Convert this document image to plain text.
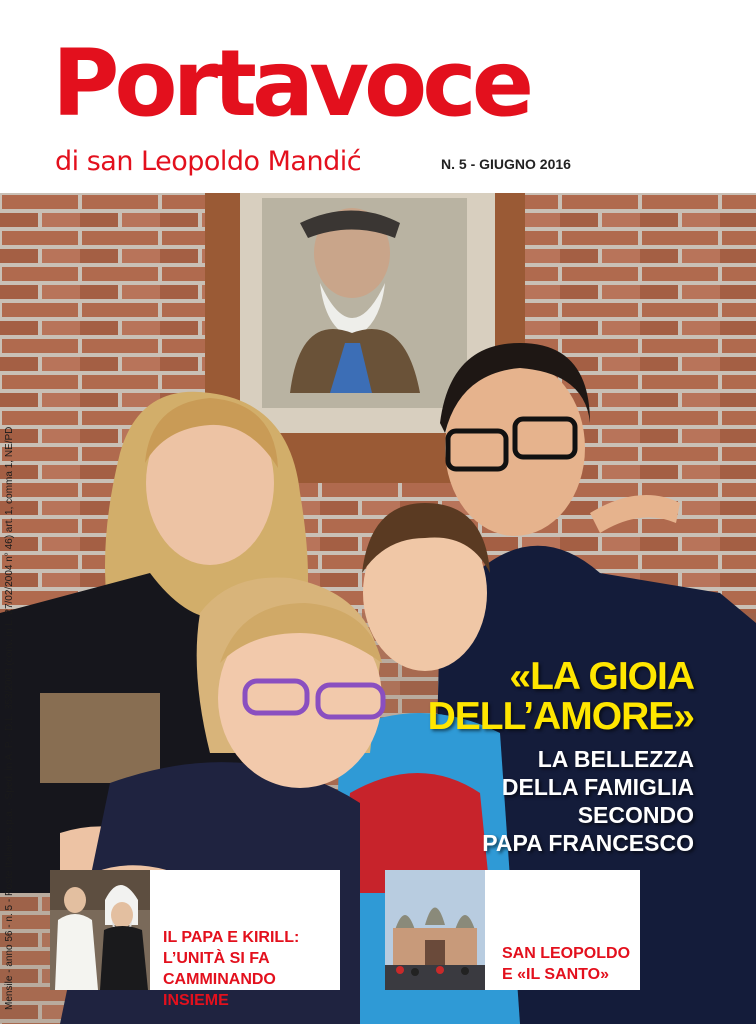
Portavoce
di san Leopoldo Mandić	N. 5 - GIUGNO 2016
Mensile - anno 56 - n. 5 - Poste Italiane s.p.a. - Sped. in A. P. - D.L. 353/2003 (conv. in L. 27/02/2004 n° 46) art. 1, comma 1, NE/PD	«LA GIOIA
DELL’AMORE»
LA BELLEZZA
DELLA FAMIGLIA
SECONDO
PAPA FRANCESCO
IL PAPA E KIRILL:
L’UNITÀ SI FA
CAMMINANDO INSIEME
SAN LEOPOLDO
E «IL SANTO»
